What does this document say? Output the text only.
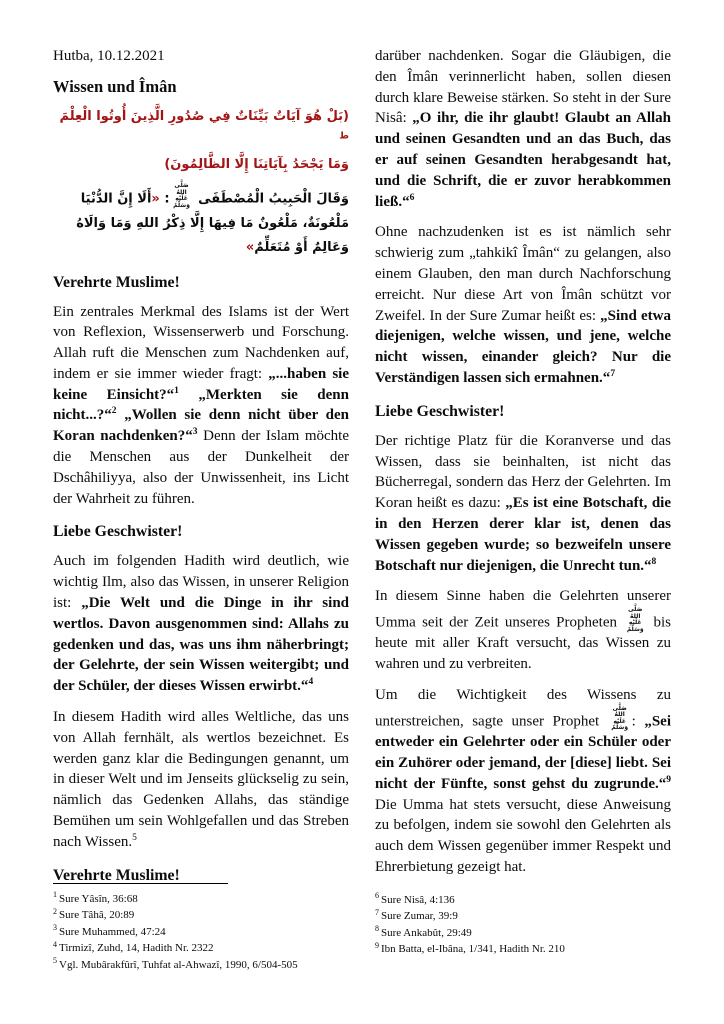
Hutba, 10.12.2021
Wissen und Îmân
(بَلْ هُوَ آيَاتٌ بَيِّنَاتٌ فِي صُدُورِ الَّذِينَ أُوتُوا الْعِلْمَ $^ط$
وَمَا يَجْحَدُ بِآيَاتِنَا إِلَّا الظَّالِمُونَ)
وَقَالَ الْحَبِيبُ الْمُصْطَفَى صَلَّى اللهُ عَلَيْهِ وَسَلَّمْ: «أَلَا إِنَّ الدُّنْيَا مَلْعُونَةٌ، مَلْعُونٌ مَا فِيهَا إِلَّا ذِكْرُ اللهِ وَمَا وَالَاهُ وَعَالِمٌ أَوْ مُتَعَلِّمٌ»
Verehrte Muslime!

Ein zentrales Merkmal des Islams ist der Wert von Reflexion, Wissenserwerb und Forschung. Allah ruft die Menschen zum Nachdenken auf, indem er sie immer wieder fragt: „...haben sie keine Einsicht?“$^1$ „Merkten sie denn nicht...?“$^2$ „Wollen sie denn nicht über den Koran nachdenken?“$^3$ Denn der Islam möchte die Menschen aus der Dunkelheit der Dschâhiliyya, also der Unwissenheit, ins Licht der Wahrheit zu führen.

Liebe Geschwister!

Auch im folgenden Hadith wird deutlich, wie wichtig Ilm, also das Wissen, in unserer Religion ist: „Die Welt und die Dinge in ihr sind wertlos. Davon ausgenommen sind: Allahs zu gedenken und das, was uns ihm näherbringt; der Gelehrte, der sein Wissen weitergibt; und der Schüler, der dieses Wissen erwirbt.“$^4$

In diesem Hadith wird alles Weltliche, das uns von Allah fernhält, als wertlos bezeichnet. Es werden ganz klar die Bedingungen genannt, um in dieser Welt und im Jenseits glückselig zu sein, nämlich das Gedenken Allahs, das ständige Bemühen um sein Wohlgefallen und das Streben nach Wissen.$^5$

Verehrte Muslime!

$^1$ Sure Yâsîn, 36:68
$^2$ Sure Tâhâ, 20:89
$^3$ Sure Muhammed, 47:24
$^4$ Tirmizî, Zuhd, 14, Hadith Nr. 2322
$^5$ Vgl. Mubârakfûrî, Tuhfat al-Ahwazî, 1990, 6/504-505

darüber nachdenken. Sogar die Gläubigen, die den Îmân verinnerlicht haben, sollen diesen durch klare Beweise stärken. So steht in der Sure Nisâ: „O ihr, die ihr glaubt! Glaubt an Allah und seinen Gesandten und an das Buch, das er auf seinen Gesandten herabgesandt hat, und die Schrift, die er zuvor herabkommen ließ.“$^6$

Ohne nachzudenken ist es ist nämlich sehr schwierig zum „tahkikî Îmân“ zu gelangen, also einem Glauben, den man durch Nachforschung erreicht. Nur diese Art von Îmân schützt vor Zweifel. In der Sure Zumar heißt es: „Sind etwa diejenigen, welche wissen, und jene, welche nicht wissen, einander gleich? Nur die Verständigen lassen sich ermahnen.“$^7$

Liebe Geschwister!

Der richtige Platz für die Koranverse und das Wissen, dass sie beinhalten, ist nicht das Bücherregal, sondern das Herz der Gelehrten. Im Koran heißt es dazu: „Es ist eine Botschaft, die in den Herzen derer klar ist, denen das Wissen gegeben wurde; so bezweifeln unsere Botschaft nur diejenigen, die Unrecht tun.“$^8$

In diesem Sinne haben die Gelehrten unserer Umma seit der Zeit unseres Propheten صَلَّى اللهُ عَلَيْهِ وَسَلَّمْ bis heute mit aller Kraft versucht, das Wissen zu wahren und zu verbreiten.

Um die Wichtigkeit des Wissens zu unterstreichen, sagte unser Prophet صَلَّى اللهُ عَلَيْهِ وَسَلَّمْ : „Sei entweder ein Gelehrter oder ein Schüler oder ein Zuhörer oder jemand, der [diese] liebt. Sei nicht der Fünfte, sonst gehst du zugrunde.“$^9$ Die Umma hat stets versucht, diese Anweisung zu befolgen, indem sie sowohl den Gelehrten als auch dem Wissen gegenüber immer Respekt und Ehrerbietung gezeigt hat.

$^6$ Sure Nisâ, 4:136
$^7$ Sure Zumar, 39:9
$^8$ Sure Ankabût, 29:49
$^9$ Ibn Batta, el-Ibâna, 1/341, Hadith Nr. 210
